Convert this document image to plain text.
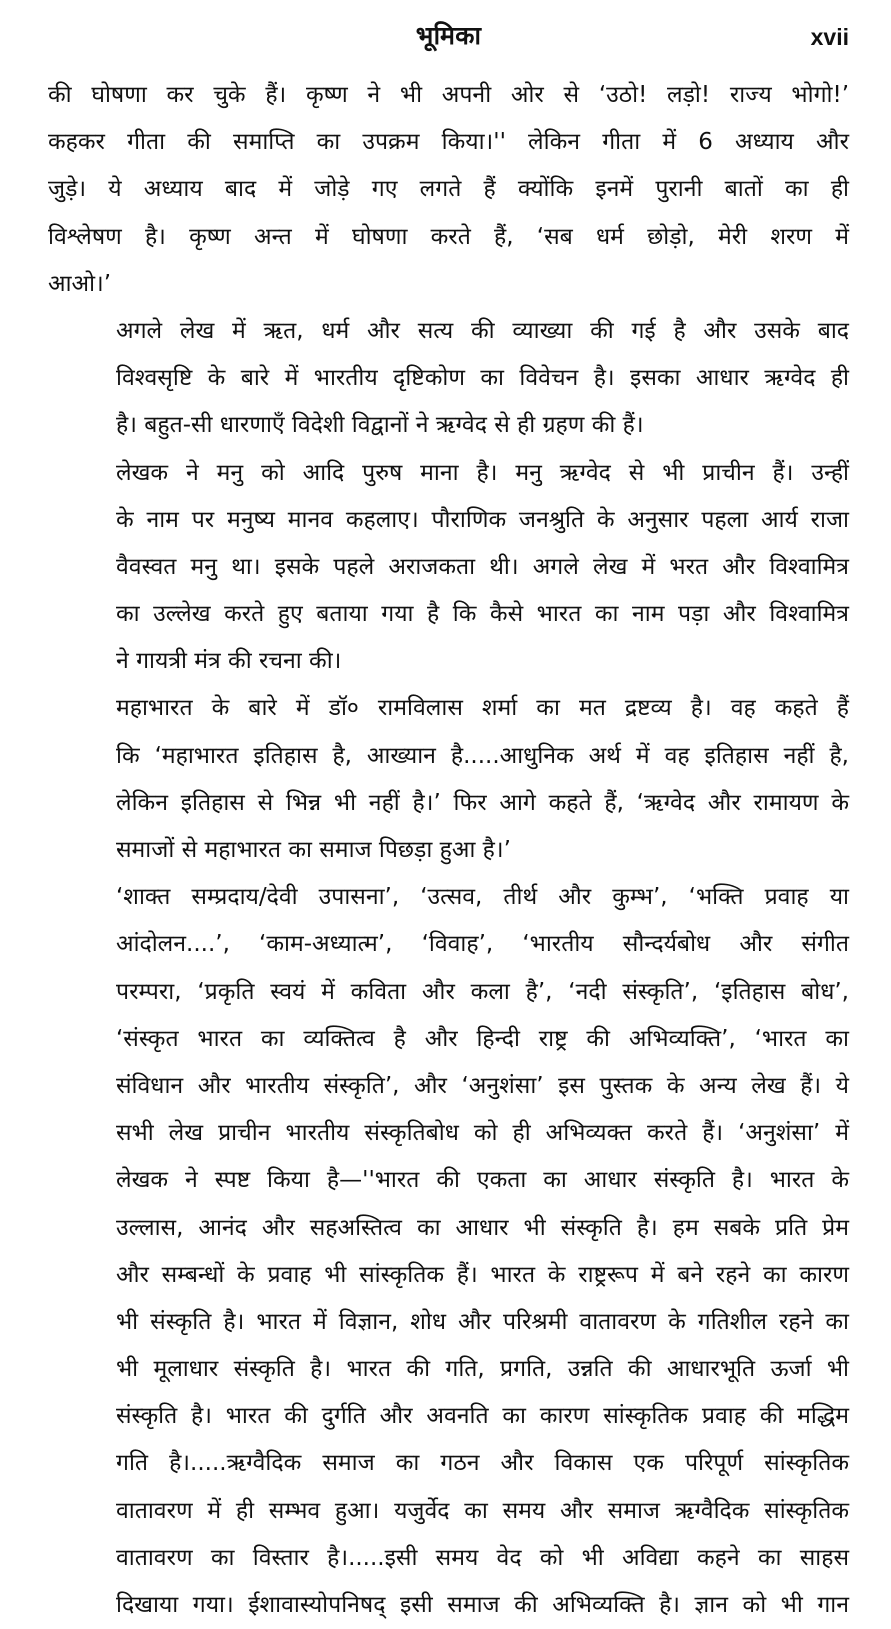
भूमिका	xvii
की घोषणा कर चुके हैं। कृष्ण ने भी अपनी ओर से ‘उठो! लड़ो! राज्य भोगो!’
कहकर गीता की समाप्ति का उपक्रम किया।'' लेकिन गीता में 6 अध्याय और
जुड़े। ये अध्याय बाद में जोड़े गए लगते हैं क्योंकि इनमें पुरानी बातों का ही
विश्लेषण है। कृष्ण अन्त में घोषणा करते हैं, ‘सब धर्म छोड़ो, मेरी शरण में
आओ।’
अगले लेख में ऋत, धर्म और सत्य की व्याख्या की गई है और उसके बाद
विश्वसृष्टि के बारे में भारतीय दृष्टिकोण का विवेचन है। इसका आधार ऋग्वेद ही
है। बहुत-सी धारणाएँ विदेशी विद्वानों ने ऋग्वेद से ही ग्रहण की हैं।
लेखक ने मनु को आदि पुरुष माना है। मनु ऋग्वेद से भी प्राचीन हैं। उन्हीं
के नाम पर मनुष्य मानव कहलाए। पौराणिक जनश्रुति के अनुसार पहला आर्य राजा
वैवस्वत मनु था। इसके पहले अराजकता थी। अगले लेख में भरत और विश्वामित्र
का उल्लेख करते हुए बताया गया है कि कैसे भारत का नाम पड़ा और विश्वामित्र
ने गायत्री मंत्र की रचना की।
महाभारत के बारे में डॉ० रामविलास शर्मा का मत द्रष्टव्य है। वह कहते हैं
कि ‘महाभारत इतिहास है, आख्यान है.....आधुनिक अर्थ में वह इतिहास नहीं है,
लेकिन इतिहास से भिन्न भी नहीं है।’ फिर आगे कहते हैं, ‘ऋग्वेद और रामायण के
समाजों से महाभारत का समाज पिछड़ा हुआ है।’
‘शाक्त सम्प्रदाय/देवी उपासना’, ‘उत्सव, तीर्थ और कुम्भ’, ‘भक्ति प्रवाह या
आंदोलन....’, ‘काम-अध्यात्म’, ‘विवाह’, ‘भारतीय सौन्दर्यबोध और संगीत
परम्परा, ‘प्रकृति स्वयं में कविता और कला है’, ‘नदी संस्कृति’, ‘इतिहास बोध’,
‘संस्कृत भारत का व्यक्तित्व है और हिन्दी राष्ट्र की अभिव्यक्ति’, ‘भारत का
संविधान और भारतीय संस्कृति’, और ‘अनुशंसा’ इस पुस्तक के अन्य लेख हैं। ये
सभी लेख प्राचीन भारतीय संस्कृतिबोध को ही अभिव्यक्त करते हैं। ‘अनुशंसा’ में
लेखक ने स्पष्ट किया है—''भारत की एकता का आधार संस्कृति है। भारत के
उल्लास, आनंद और सहअस्तित्व का आधार भी संस्कृति है। हम सबके प्रति प्रेम
और सम्बन्धों के प्रवाह भी सांस्कृतिक हैं। भारत के राष्ट्ररूप में बने रहने का कारण
भी संस्कृति है। भारत में विज्ञान, शोध और परिश्रमी वातावरण के गतिशील रहने का
भी मूलाधार संस्कृति है। भारत की गति, प्रगति, उन्नति की आधारभूति ऊर्जा भी
संस्कृति है। भारत की दुर्गति और अवनति का कारण सांस्कृतिक प्रवाह की मद्धिम
गति है।.....ऋग्वैदिक समाज का गठन और विकास एक परिपूर्ण सांस्कृतिक
वातावरण में ही सम्भव हुआ। यजुर्वेद का समय और समाज ऋग्वैदिक सांस्कृतिक
वातावरण का विस्तार है।.....इसी समय वेद को भी अविद्या कहने का साहस
दिखाया गया। ईशावास्योपनिषद् इसी समाज की अभिव्यक्ति है। ज्ञान को भी गान
